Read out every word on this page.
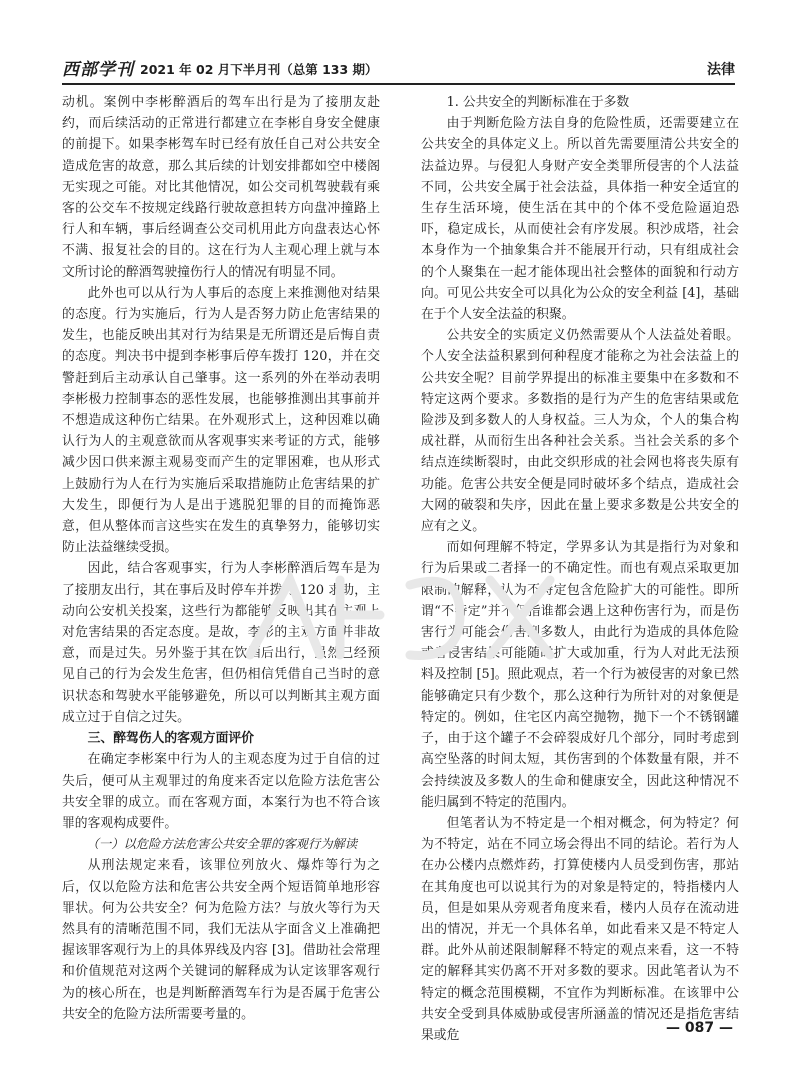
西部学刊 2021 年 02 月下半月刊（总第 133 期）	法律

动机。案例中李彬醉酒后的驾车出行是为了接朋友赴约，而后续活动的正常进行都建立在李彬自身安全健康的前提下。如果李彬驾车时已经有放任自己对公共安全造成危害的故意，那么其后续的计划安排都如空中楼阁无实现之可能。对比其他情况，如公交司机驾驶载有乘客的公交车不按规定线路行驶故意担转方向盘冲撞路上行人和车辆，事后经调查公交司机用此方向盘表达心怀不满、报复社会的目的。这在行为人主观心理上就与本文所讨论的醉酒驾驶撞伤行人的情况有明显不同。

此外也可以从行为人事后的态度上来推测他对结果的态度。行为实施后，行为人是否努力防止危害结果的发生，也能反映出其对行为结果是无所谓还是后悔自责的态度。判决书中提到李彬事后停车拨打 120，并在交警赶到后主动承认自己肇事。这一系列的外在举动表明李彬极力控制事态的恶性发展，也能够推测出其事前并不想造成这种伤亡结果。在外观形式上，这种因难以确认行为人的主观意欲而从客观事实来考证的方式，能够减少因口供来源主观易变而产生的定罪困难，也从形式上鼓励行为人在行为实施后采取措施防止危害结果的扩大发生，即便行为人是出于逃脱犯罪的目的而掩饰恶意，但从整体而言这些实在发生的真挚努力，能够切实防止法益继续受损。

因此，结合客观事实，行为人李彬醉酒后驾车是为了接朋友出行，其在事后及时停车并拨打 120 求助，主动向公安机关投案，这些行为都能够反映出其在主观上对危害结果的否定态度。是故，李彬的主观方面并非故意，而是过失。另外鉴于其在饮酒后出行，虽然已经预见自己的行为会发生危害，但仍相信凭借自己当时的意识状态和驾驶水平能够避免，所以可以判断其主观方面成立过于自信之过失。

三、醉驾伤人的客观方面评价

在确定李彬案中行为人的主观态度为过于自信的过失后，便可从主观罪过的角度来否定以危险方法危害公共安全罪的成立。而在客观方面，本案行为也不符合该罪的客观构成要件。

（一）以危险方法危害公共安全罪的客观行为解读

从刑法规定来看，该罪位列放火、爆炸等行为之后，仅以危险方法和危害公共安全两个短语简单地形容罪状。何为公共安全？何为危险方法？与放火等行为天然具有的清晰范围不同，我们无法从字面含义上准确把握该罪客观行为上的具体界线及内容 [3]。借助社会常理和价值规范对这两个关键词的解释成为认定该罪客观行为的核心所在，也是判断醉酒驾车行为是否属于危害公共安全的危险方法所需要考量的。

1. 公共安全的判断标准在于多数

由于判断危险方法自身的危险性质，还需要建立在公共安全的具体定义上。所以首先需要厘清公共安全的法益边界。与侵犯人身财产安全类罪所侵害的个人法益不同，公共安全属于社会法益，具体指一种安全适宜的生存生活环境，使生活在其中的个体不受危险逼迫恐吓，稳定成长，从而使社会有序发展。积沙成塔，社会本身作为一个抽象集合并不能展开行动，只有组成社会的个人聚集在一起才能体现出社会整体的面貌和行动方向。可见公共安全可以具化为公众的安全利益 [4]，基础在于个人安全法益的积聚。

公共安全的实质定义仍然需要从个人法益处着眼。个人安全法益积累到何种程度才能称之为社会法益上的公共安全呢？目前学界提出的标准主要集中在多数和不特定这两个要求。多数指的是行为产生的危害结果或危险涉及到多数人的人身权益。三人为众，个人的集合构成社群，从而衍生出各种社会关系。当社会关系的多个结点连续断裂时，由此交织形成的社会网也将丧失原有功能。危害公共安全便是同时破坏多个结点，造成社会大网的破裂和失序，因此在量上要求多数是公共安全的应有之义。

而如何理解不特定，学界多认为其是指行为对象和行为后果或二者择一的不确定性。而也有观点采取更加限制的解释，认为不特定包含危险扩大的可能性。即所谓“不特定”并不仅指谁都会遇上这种伤害行为，而是伤害行为可能会伤害到多数人，由此行为造成的具体危险或者侵害结果可能随时扩大或加重，行为人对此无法预料及控制 [5]。照此观点，若一个行为被侵害的对象已然能够确定只有少数个，那么这种行为所针对的对象便是特定的。例如，住宅区内高空抛物，抛下一个不锈钢罐子，由于这个罐子不会碎裂成好几个部分，同时考虑到高空坠落的时间太短，其伤害到的个体数量有限，并不会持续波及多数人的生命和健康安全，因此这种情况不能归属到不特定的范围内。

但笔者认为不特定是一个相对概念，何为特定？何为不特定，站在不同立场会得出不同的结论。若行为人在办公楼内点燃炸药，打算使楼内人员受到伤害，那站在其角度也可以说其行为的对象是特定的，特指楼内人员，但是如果从旁观者角度来看，楼内人员存在流动进出的情况，并无一个具体名单，如此看来又是不特定人群。此外从前述限制解释不特定的观点来看，这一不特定的解释其实仍离不开对多数的要求。因此笔者认为不特定的概念范围模糊，不宜作为判断标准。在该罪中公共安全受到具体威胁或侵害所涵盖的情况还是指危害结果或危	— 087 —
